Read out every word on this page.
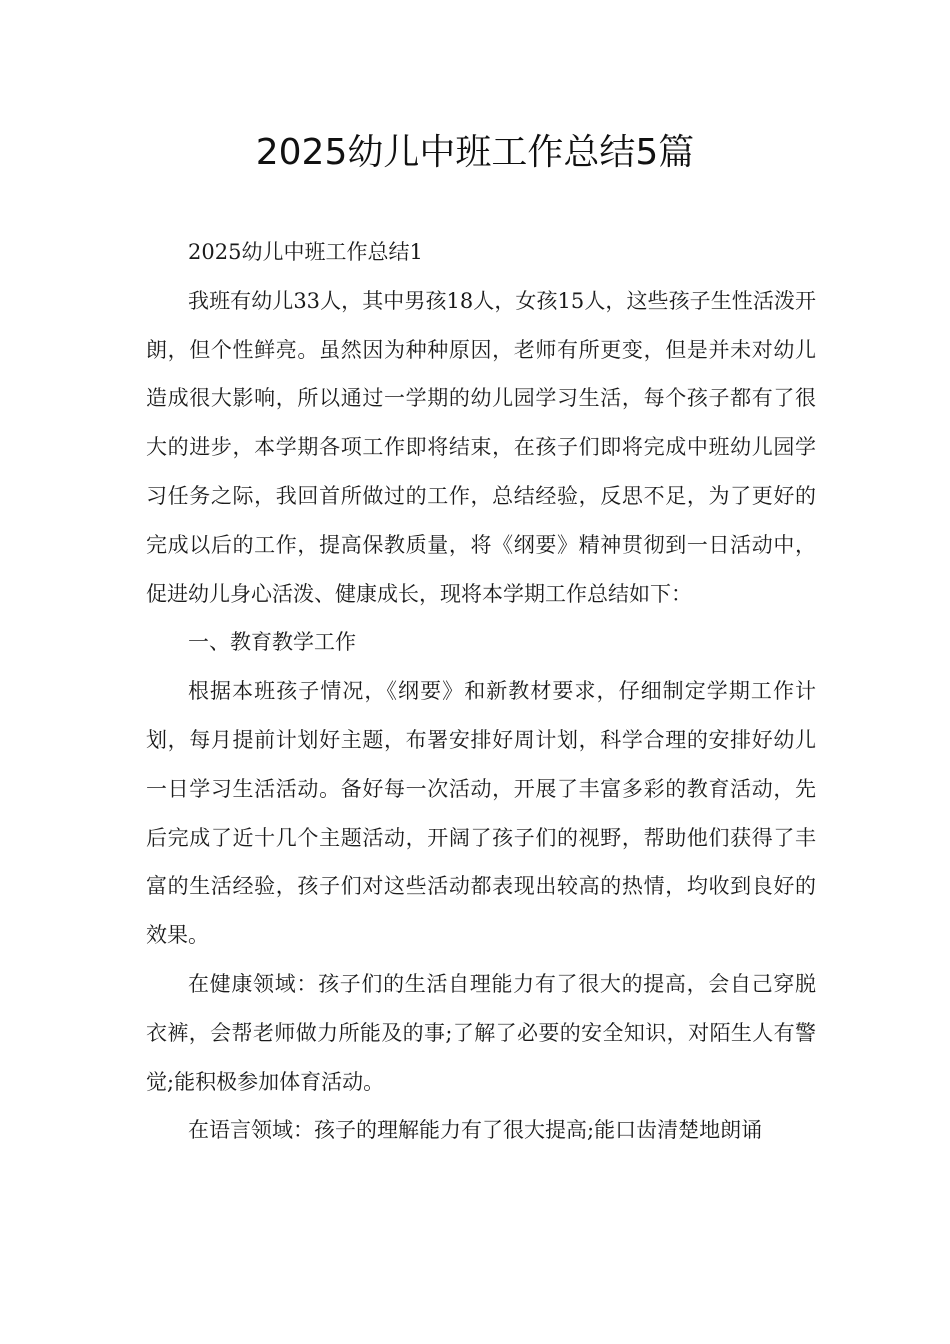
2025幼儿中班工作总结5篇

2025幼儿中班工作总结1

我班有幼儿33人，其中男孩18人，女孩15人，这些孩子生性活泼开朗，但个性鲜亮。虽然因为种种原因，老师有所更变，但是并未对幼儿造成很大影响，所以通过一学期的幼儿园学习生活，每个孩子都有了很大的进步，本学期各项工作即将结束，在孩子们即将完成中班幼儿园学习任务之际，我回首所做过的工作，总结经验，反思不足，为了更好的完成以后的工作，提高保教质量，将《纲要》精神贯彻到一日活动中，促进幼儿身心活泼、健康成长，现将本学期工作总结如下：

一、教育教学工作

根据本班孩子情况，《纲要》和新教材要求，仔细制定学期工作计划，每月提前计划好主题，布署安排好周计划，科学合理的安排好幼儿一日学习生活活动。备好每一次活动，开展了丰富多彩的教育活动，先后完成了近十几个主题活动，开阔了孩子们的视野，帮助他们获得了丰富的生活经验，孩子们对这些活动都表现出较高的热情，均收到良好的效果。

在健康领域：孩子们的生活自理能力有了很大的提高，会自己穿脱衣裤，会帮老师做力所能及的事;了解了必要的安全知识，对陌生人有警觉;能积极参加体育活动。

在语言领域：孩子的理解能力有了很大提高;能口齿清楚地朗诵
